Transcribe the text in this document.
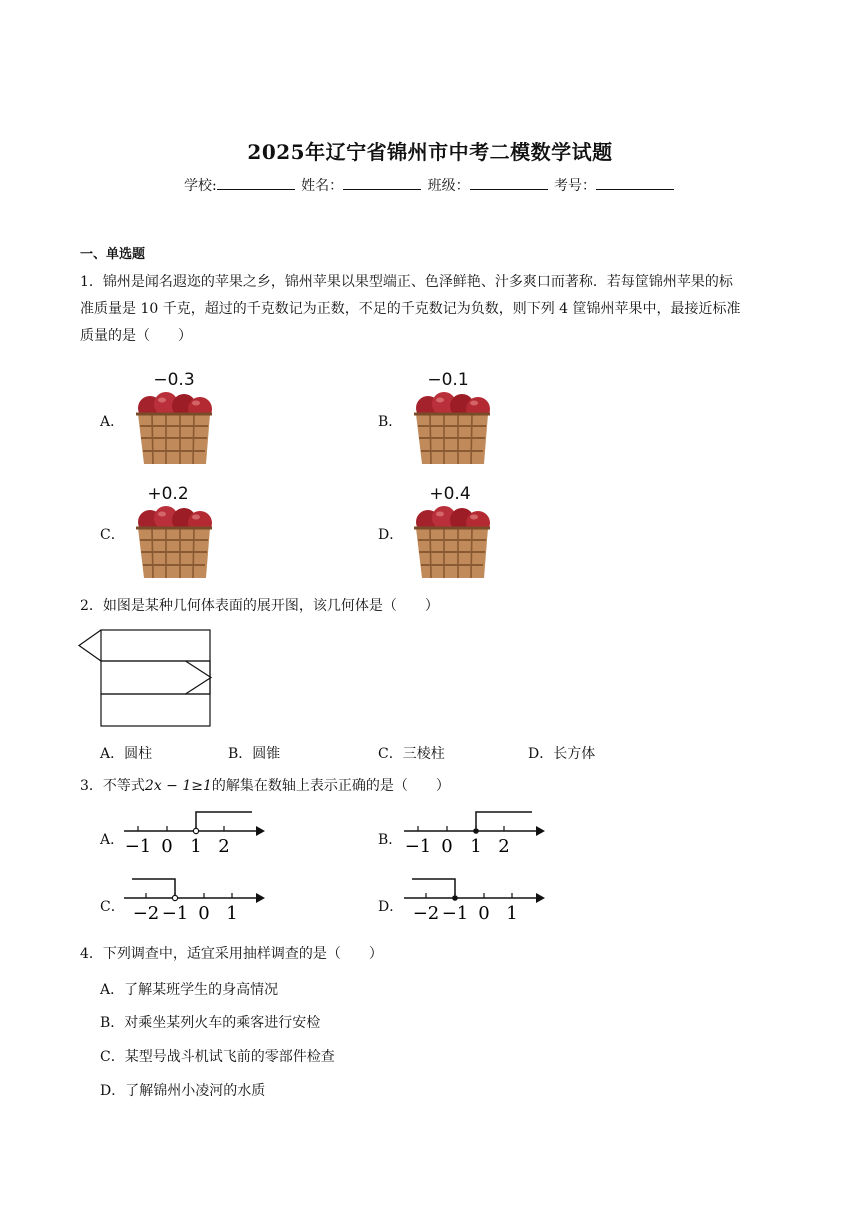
2025年辽宁省锦州市中考二模数学试题
学校:	姓名：	班级：	考号：
一、单选题
1．锦州是闻名遐迩的苹果之乡，锦州苹果以果型端正、色泽鲜艳、汁多爽口而著称．若每筐锦州苹果的标
准质量是 10 千克，超过的千克数记为正数，不足的千克数记为负数，则下列 4 筐锦州苹果中，最接近标准
质量的是（　　）
A．	B．
C．	D．
−0.3	−0.1
+0.2	+0.4
2．如图是某种几何体表面的展开图，该几何体是（　　）
A．圆柱	B．圆锥	C．三棱柱	D．长方体
3．不等式2x − 1≥1的解集在数轴上表示正确的是（　　）
A． −1 0 1 2	B． −1 0 1 2
C． −2 −1 0 1	D． −2 −1 0 1
4．下列调查中，适宜采用抽样调查的是（　　）
A．了解某班学生的身高情况
B．对乘坐某列火车的乘客进行安检
C．某型号战斗机试飞前的零部件检查
D．了解锦州小凌河的水质
